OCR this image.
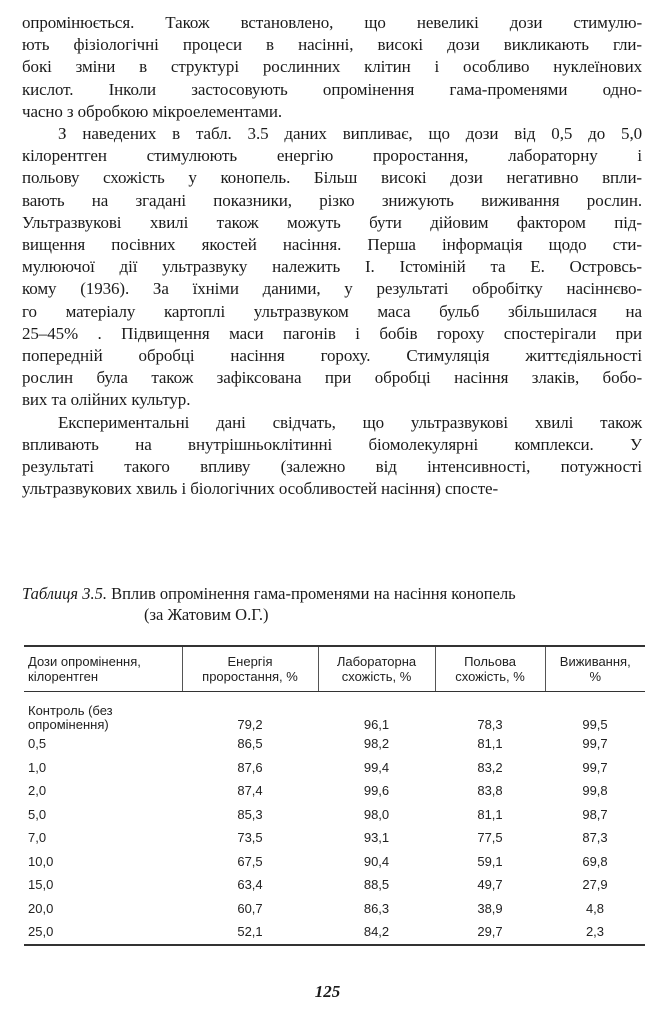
опромінюється. Також встановлено, що невеликі дози стимулю-
ють фізіологічні процеси в насінні, високі дози викликають гли-
бокі зміни в структурі рослинних клітин і особливо нуклеїнових
кислот. Інколи застосовують опромінення гама-променями одно-
часно з обробкою мікроелементами.

З наведених в табл. 3.5 даних випливає, що дози від 0,5 до 5,0
кілорентген стимулюють енергію проростання, лабораторну і
польову схожість у конопель. Більш високі дози негативно впли-
вають на згадані показники, різко знижують виживання рослин.
Ультразвукові хвилі також можуть бути дійовим фактором під-
вищення посівних якостей насіння. Перша інформація щодо сти-
мулюючої дії ультразвуку належить І. Істоміній та Е. Островсь-
кому (1936). За їхніми даними, у результаті обробітку насіннєво-
го матеріалу картоплі ультразвуком маса бульб збільшилася на
25–45% . Підвищення маси пагонів і бобів гороху спостерігали при
попередній обробці насіння гороху. Стимуляція життєдіяльності
рослин була також зафіксована при обробці насіння злаків, бобо-
вих та олійних культур.

Експериментальні дані свідчать, що ультразвукові хвилі також
впливають на внутрішньоклітинні біомолекулярні комплекси. У
результаті такого впливу (залежно від інтенсивності, потужності
ультразвукових хвиль і біологічних особливостей насіння) спосте-

Таблиця 3.5. Вплив опромінення гама-променями на насіння конопель
(за Жатовим О.Г.)
Дози опромінення,
кілорентген	Енергія
проростання, %	Лабораторна
схожість, %	Польова
схожість, %	Виживання,
%

Контроль (без
опромінення)	79,2	96,1	78,3	99,5
0,5	86,5	98,2	81,1	99,7
1,0	87,6	99,4	83,2	99,7
2,0	87,4	99,6	83,8	99,8
5,0	85,3	98,0	81,1	98,7
7,0	73,5	93,1	77,5	87,3
10,0	67,5	90,4	59,1	69,8
15,0	63,4	88,5	49,7	27,9
20,0	60,7	86,3	38,9	4,8
25,0	52,1	84,2	29,7	2,3
125
